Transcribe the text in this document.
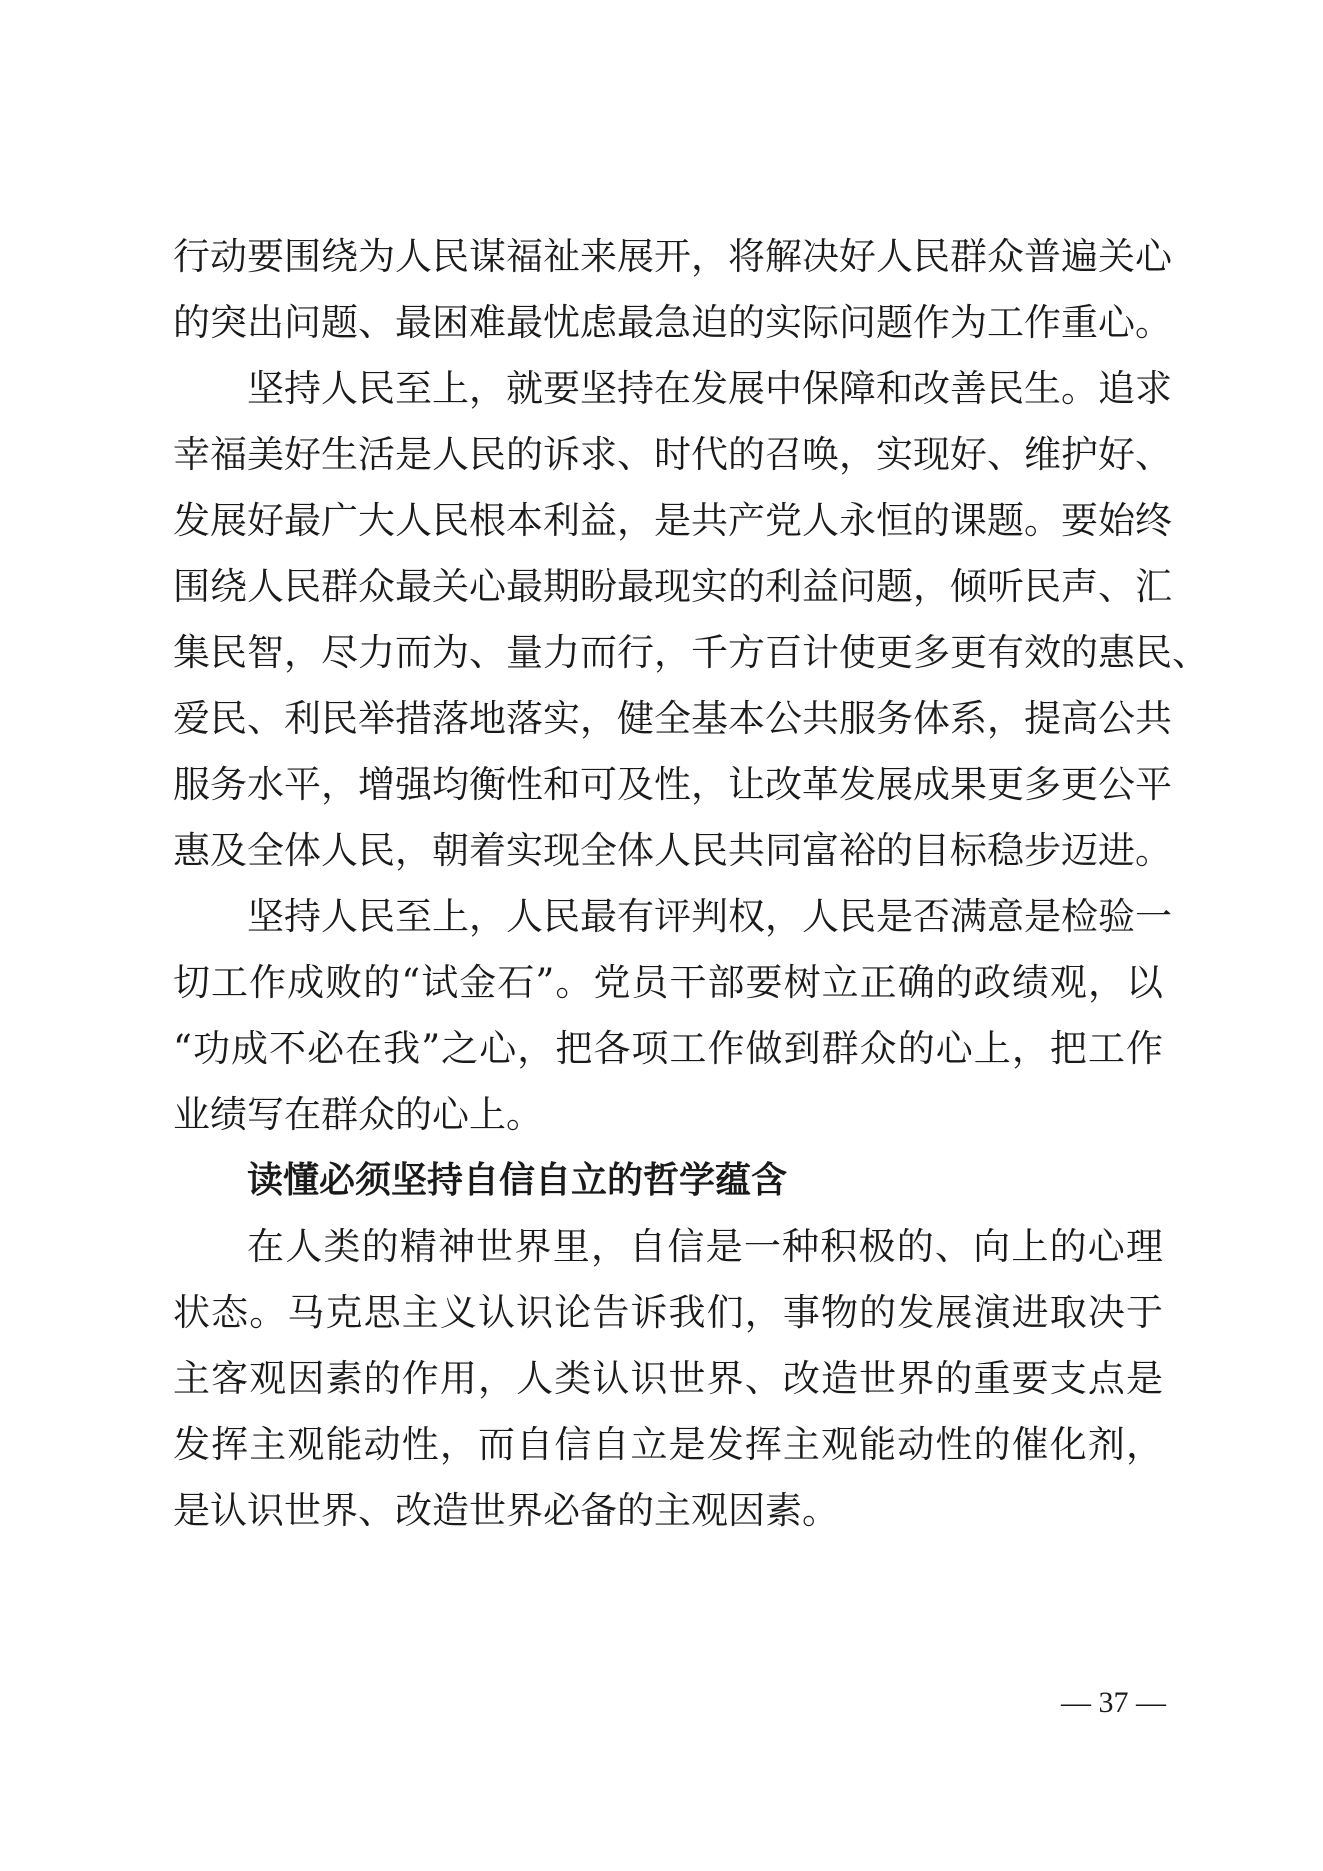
行动要围绕为人民谋福祉来展开，将解决好人民群众普遍关心
的突出问题、最困难最忧虑最急迫的实际问题作为工作重心。
坚持人民至上，就要坚持在发展中保障和改善民生。追求
幸福美好生活是人民的诉求、时代的召唤，实现好、维护好、
发展好最广大人民根本利益，是共产党人永恒的课题。要始终
围绕人民群众最关心最期盼最现实的利益问题，倾听民声、汇
集民智，尽力而为、量力而行，千方百计使更多更有效的惠民、
爱民、利民举措落地落实，健全基本公共服务体系，提高公共
服务水平，增强均衡性和可及性，让改革发展成果更多更公平
惠及全体人民，朝着实现全体人民共同富裕的目标稳步迈进。
坚持人民至上，人民最有评判权，人民是否满意是检验一
切工作成败的“试金石”。党员干部要树立正确的政绩观，以
“功成不必在我”之心，把各项工作做到群众的心上，把工作
业绩写在群众的心上。
读懂必须坚持自信自立的哲学蕴含
在人类的精神世界里，自信是一种积极的、向上的心理
状态。马克思主义认识论告诉我们，事物的发展演进取决于
主客观因素的作用，人类认识世界、改造世界的重要支点是
发挥主观能动性，而自信自立是发挥主观能动性的催化剂，
是认识世界、改造世界必备的主观因素。
— 37 —
